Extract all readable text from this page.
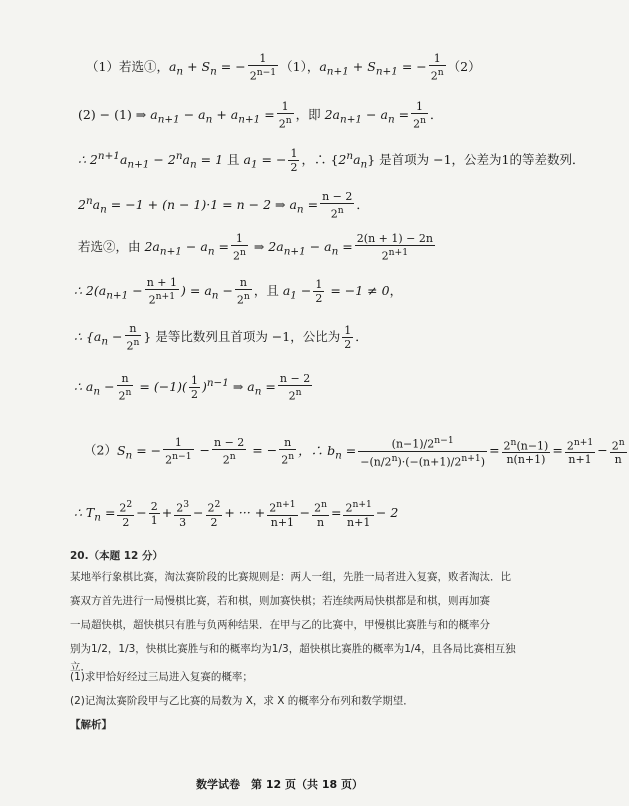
（1）若选①，$a_n + S_n$ = − $\frac{1}{2^{n-1}} (1)$，$a_{n+1} + S_{n+1}$ = − $\frac{1}{2^n} (2)$
(2) − (1) ⇒ $a_{n+1} - a_n + a_{n+1} = \frac{1}{2^n}$ ，即 $2a_{n+1} - a_n = \frac{1}{2^n}$ ．
∴ $2^{n+1}a_{n+1} - 2^na_n = 1$ 且 $a_1$ = − $\frac{1}{2}$ ，∴ $\{2^na_n\}$ 是首项为 −1，公差为1的等差数列．
$2^na_n = -1 + (n - 1)\cdot 1 = n - 2$ ⇒ $a_n = \frac{n - 2}{2^n}$ ．
若选②，由 $2a_{n+1} - a_n = \frac{1}{2^n}$ ⇒ $2a_{n+1} - a_n = \frac{2(n + 1) - 2n}{2^{n+1}}$
∴ $2(a_{n+1} - \frac{n + 1}{2^{n+1}}$ ) = $a_n - \frac{n}{2^n}$ ，且 $a_1 - \frac{1}{2} = -1 \ne 0$，
∴ {$a_n - \frac{n}{2^n}$ } 是等比数列且首项为 −1，公比为 $\frac{1}{2}$ ．
∴ $a_n - \frac{n}{2^n} = (-1)( \frac{1}{2} )^{n-1}$ ⇒ $a_n = \frac{n - 2}{2^n}$
$(2)S_n$ = − $\frac{1}{2^{n-1}} - \frac{n - 2}{2^n}$ = − $\frac{n}{2^n}$ ，∴ $b_n = \frac{(n-1)/2^{n-1}}{-(n/2^n)\cdot(-(n+1)/2^{n+1})} = \frac{2^n(n-1)}{n(n+1)} = \frac{2^{n+1}}{n+1} - \frac{2^n}{n}$
∴ $T_n = \frac{2^2}{2} - \frac{2}{1} + \frac{2^3}{3} - \frac{2^2}{2}$ + ··· + $\frac{2^{n+1}}{n+1} - \frac{2^n}{n} = \frac{2^{n+1}}{n+1} - 2$
20.（本题 12 分）
某地举行象棋比赛，淘汰赛阶段的比赛规则是：两人一组，先胜一局者进入复赛，败者淘汰．比
赛双方首先进行一局慢棋比赛，若和棋，则加赛快棋；若连续两局快棋都是和棋，则再加赛
一局超快棋，超快棋只有胜与负两种结果．在甲与乙的比赛中，甲慢棋比赛胜与和的概率分
别为1/2，1/3，快棋比赛胜与和的概率均为1/3，超快棋比赛胜的概率为1/4，且各局比赛相互独立．
(1)求甲恰好经过三局进入复赛的概率；
(2)记淘汰赛阶段甲与乙比赛的局数为 X，求 X 的概率分布列和数学期望．
【解析】
数学试卷　第 12 页（共 18 页）
